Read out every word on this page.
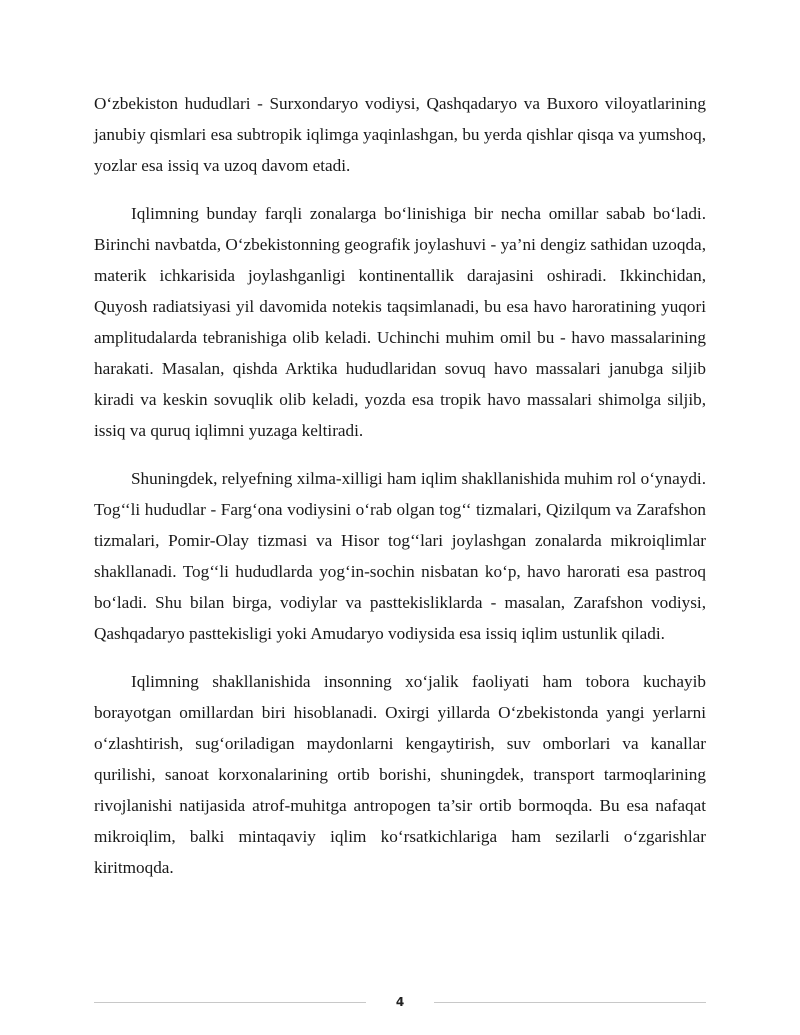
O‘zbekiston hududlari - Surxondaryo vodiysi, Qashqadaryo va Buxoro viloyatlarining janubiy qismlari esa subtropik iqlimga yaqinlashgan, bu yerda qishlar qisqa va yumshoq, yozlar esa issiq va uzoq davom etadi.

Iqlimning bunday farqli zonalarga bo‘linishiga bir necha omillar sabab bo‘ladi. Birinchi navbatda, O‘zbekistonning geografik joylashuvi - ya’ni dengiz sathidan uzoqda, materik ichkarisida joylashganligi kontinentallik darajasini oshiradi. Ikkinchidan, Quyosh radiatsiyasi yil davomida notekis taqsimlanadi, bu esa havo haroratining yuqori amplitudalarda tebranishiga olib keladi. Uchinchi muhim omil bu - havo massalarining harakati. Masalan, qishda Arktika hududlaridan sovuq havo massalari janubga siljib kiradi va keskin sovuqlik olib keladi, yozda esa tropik havo massalari shimolga siljib, issiq va quruq iqlimni yuzaga keltiradi.

Shuningdek, relyefning xilma-xilligi ham iqlim shakllanishida muhim rol o‘ynaydi. Tog‘‘li hududlar - Farg‘ona vodiysini o‘rab olgan tog‘‘ tizmalari, Qizilqum va Zarafshon tizmalari, Pomir-Olay tizmasi va Hisor tog‘‘lari joylashgan zonalarda mikroiqlimlar shakllanadi. Tog‘‘li hududlarda yog‘in-sochin nisbatan ko‘p, havo harorati esa pastroq bo‘ladi. Shu bilan birga, vodiylar va pasttekisliklarda - masalan, Zarafshon vodiysi, Qashqadaryo pasttekisligi yoki Amudaryo vodiysida esa issiq iqlim ustunlik qiladi.

Iqlimning shakllanishida insonning xo‘jalik faoliyati ham tobora kuchayib borayotgan omillardan biri hisoblanadi. Oxirgi yillarda O‘zbekistonda yangi yerlarni o‘zlashtirish, sug‘oriladigan maydonlarni kengaytirish, suv omborlari va kanallar qurilishi, sanoat korxonalarining ortib borishi, shuningdek, transport tarmoqlarining rivojlanishi natijasida atrof-muhitga antropogen ta’sir ortib bormoqda. Bu esa nafaqat mikroiqlim, balki mintaqaviy iqlim ko‘rsatkichlariga ham sezilarli o‘zgarishlar kiritmoqda.

4
